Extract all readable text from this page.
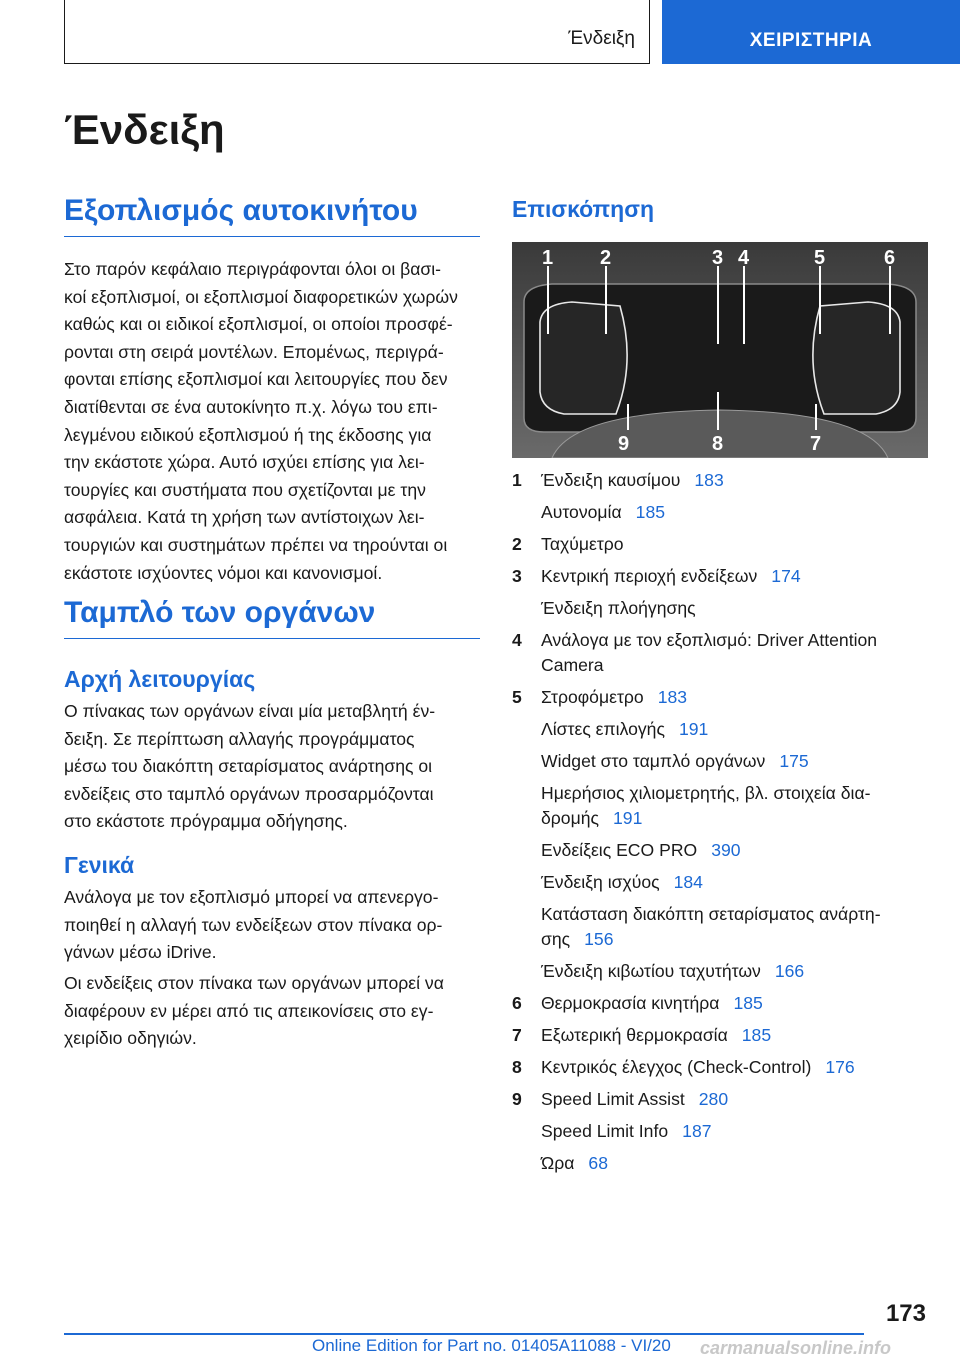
Ένδειξη	ΧΕΙΡΙΣΤΗΡΙΑ
Ένδειξη
Εξοπλισμός αυτοκινήτου
Στο παρόν κεφάλαιο περιγράφονται όλοι οι βασι-
κοί εξοπλισμοί, οι εξοπλισμοί διαφορετικών χωρών
καθώς και οι ειδικοί εξοπλισμοί, οι οποίοι προσφέ-
ρονται στη σειρά μοντέλων. Επομένως, περιγρά-
φονται επίσης εξοπλισμοί και λειτουργίες που δεν
διατίθενται σε ένα αυτοκίνητο π.χ. λόγω του επι-
λεγμένου ειδικού εξοπλισμού ή της έκδοσης για
την εκάστοτε χώρα. Αυτό ισχύει επίσης για λει-
τουργίες και συστήματα που σχετίζονται με την
ασφάλεια. Κατά τη χρήση των αντίστοιχων λει-
τουργιών και συστημάτων πρέπει να τηρούνται οι
εκάστοτε ισχύοντες νόμοι και κανονισμοί.
Ταμπλό των οργάνων
Αρχή λειτουργίας
Ο πίνακας των οργάνων είναι μία μεταβλητή έν-
δειξη. Σε περίπτωση αλλαγής προγράμματος
μέσω του διακόπτη σεταρίσματος ανάρτησης οι
ενδείξεις στο ταμπλό οργάνων προσαρμόζονται
στο εκάστοτε πρόγραμμα οδήγησης.
Γενικά
Ανάλογα με τον εξοπλισμό μπορεί να απενεργο-
ποιηθεί η αλλαγή των ενδείξεων στον πίνακα ορ-
γάνων μέσω iDrive.
Οι ενδείξεις στον πίνακα των οργάνων μπορεί να
διαφέρουν εν μέρει από τις απεικονίσεις στο εγ-
χειρίδιο οδηγιών.
Επισκόπηση
1 2	3 4	5	6
9	8	7
1	Ένδειξη καυσίμου 183
Αυτονομία 185
2	Ταχύμετρο
3	Κεντρική περιοχή ενδείξεων 174
Ένδειξη πλοήγησης
4	Ανάλογα με τον εξοπλισμό: Driver Attention Camera
5	Στροφόμετρο 183
Λίστες επιλογής 191
Widget στο ταμπλό οργάνων 175
Ημερήσιος χιλιομετρητής, βλ. στοιχεία δια-δρομής 191
Ενδείξεις ECO PRO 390
Ένδειξη ισχύος 184
Κατάσταση διακόπτη σεταρίσματος ανάρτη-σης 156
Ένδειξη κιβωτίου ταχυτήτων 166
6	Θερμοκρασία κινητήρα 185
7	Εξωτερική θερμοκρασία 185
8	Κεντρικός έλεγχος (Check-Control) 176
9	Speed Limit Assist 280
Speed Limit Info 187
Ώρα 68
173
Online Edition for Part no. 01405A11088 - VI/20 carmanualsonline.info
